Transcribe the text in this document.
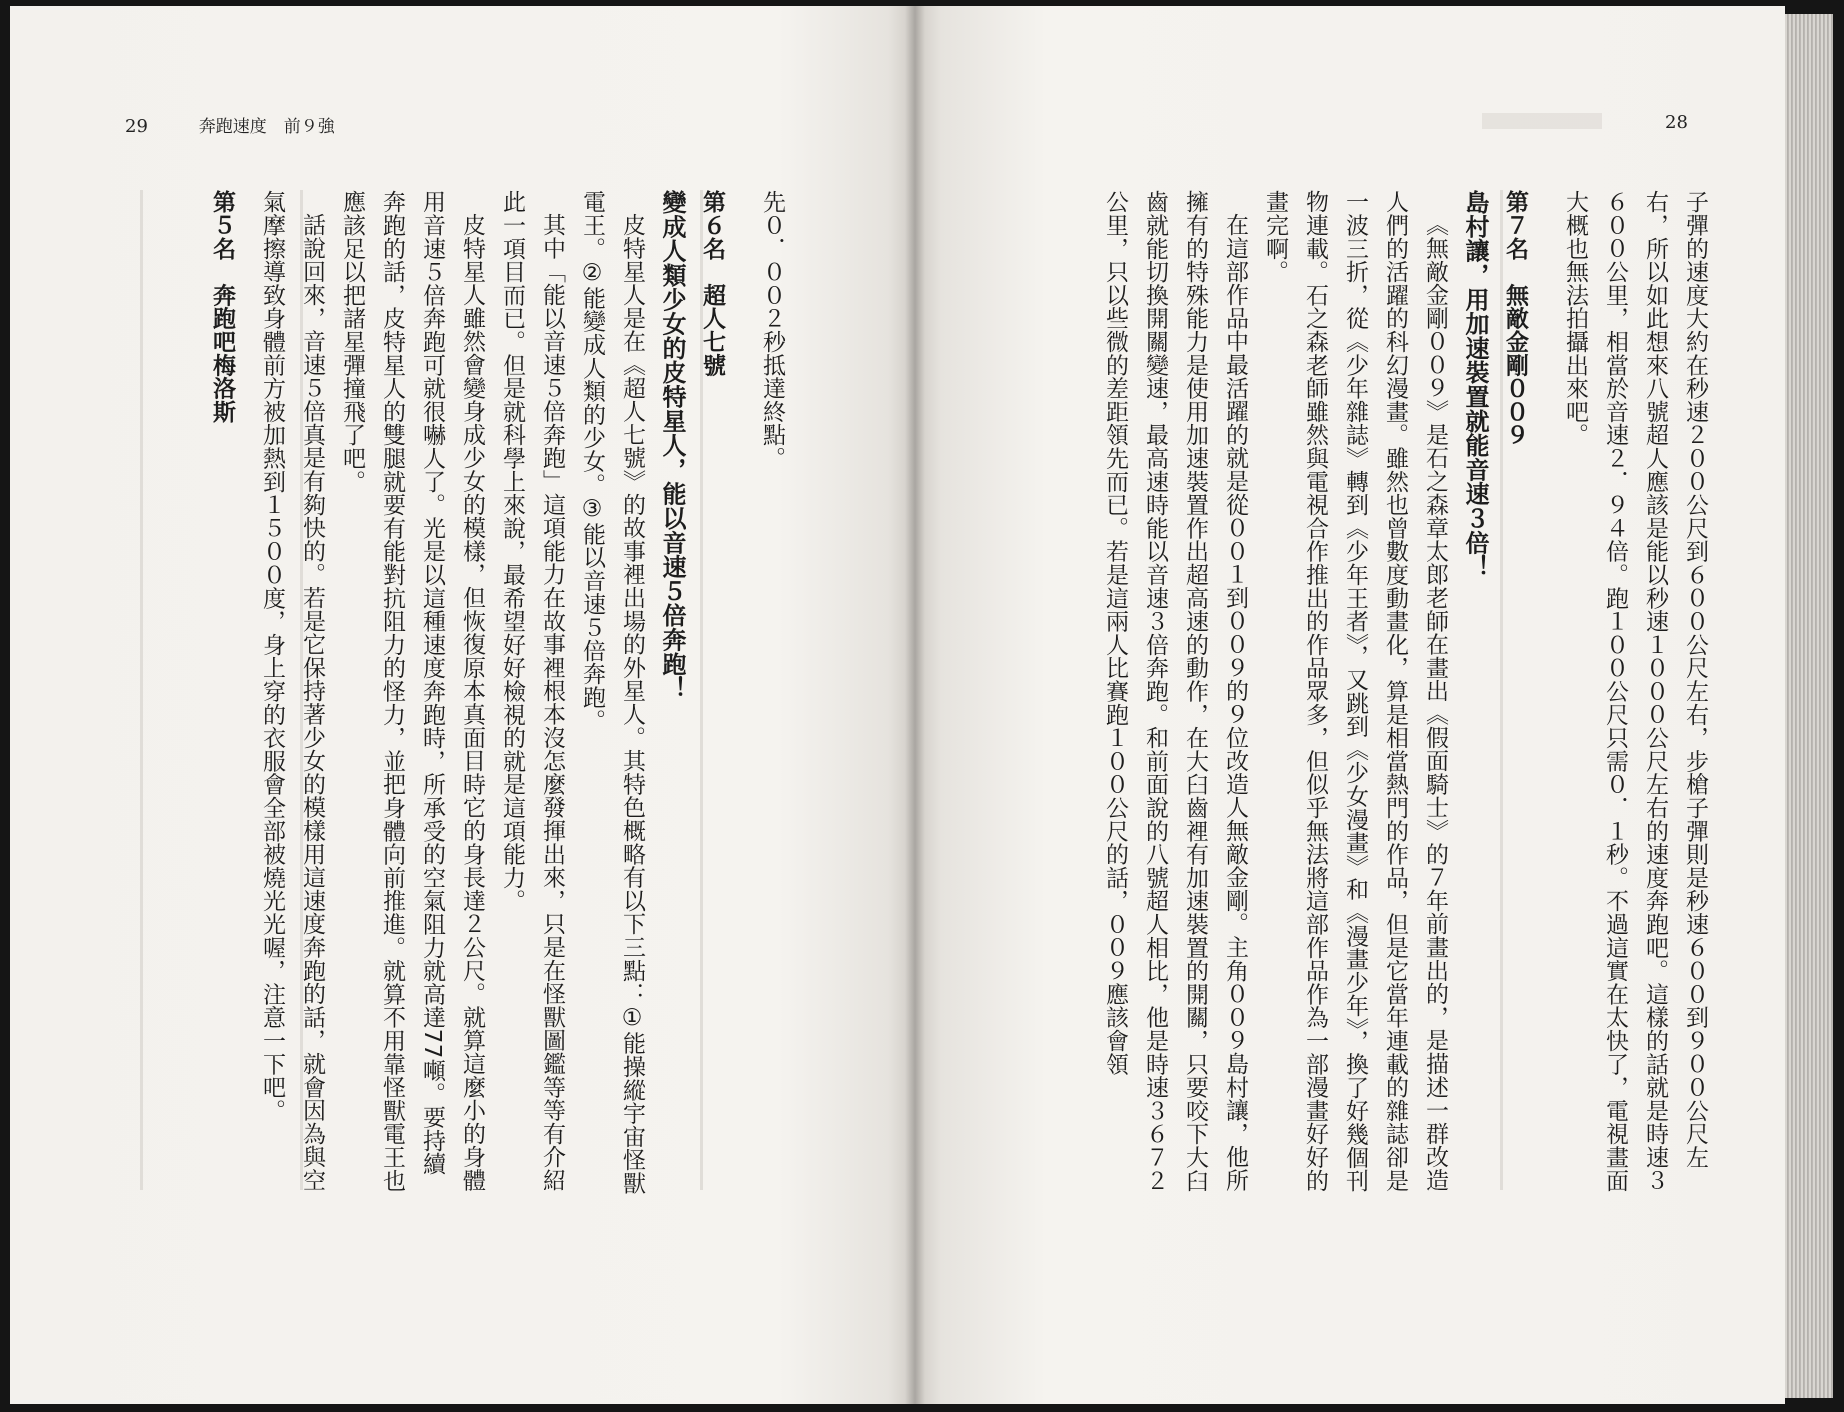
29	奔跑速度　前９強	28

先０．００２秒抵達終點。

第６名　超人七號

變成人類少女的皮特星人，能以音速５倍奔跑！

皮特星人是在《超人七號》的故事裡出場的外星人。其特色概略有以下三點：①能操縱宇宙怪獸電王。②能變成人類的少女。③能以音速５倍奔跑。

其中「能以音速５倍奔跑」這項能力在故事裡根本沒怎麼發揮出來，只是在怪獸圖鑑等等有介紹此一項目而已。但是就科學上來說，最希望好好檢視的就是這項能力。

皮特星人雖然會變身成少女的模樣，但恢復原本真面目時它的身長達２公尺。就算這麼小的身體用音速５倍奔跑可就很嚇人了。光是以這種速度奔跑時，所承受的空氣阻力就高達77噸。要持續奔跑的話，皮特星人的雙腿就要有能對抗阻力的怪力，並把身體向前推進。就算不用靠怪獸電王也應該足以把諸星彈撞飛了吧。

話說回來，音速５倍真是有夠快的。若是它保持著少女的模樣用這速度奔跑的話，就會因為與空氣摩擦導致身體前方被加熱到１５００度，身上穿的衣服會全部被燒光光喔，注意一下吧。

第５名　奔跑吧梅洛斯	子彈的速度大約在秒速２００公尺到６００公尺左右，步槍子彈則是秒速６００到９００公尺左右，所以如此想來八號超人應該是能以秒速１０００公尺左右的速度奔跑吧。這樣的話就是時速３６００公里，相當於音速２．９４倍。跑１００公尺只需０．１秒。不過這實在太快了，電視畫面大概也無法拍攝出來吧。

第７名　無敵金剛００９

島村讓，用加速裝置就能音速３倍！

《無敵金剛００９》是石之森章太郎老師在畫出《假面騎士》的７年前畫出的，是描述一群改造人們的活躍的科幻漫畫。雖然也曾數度動畫化，算是相當熱門的作品，但是它當年連載的雜誌卻是一波三折，從《少年雜誌》轉到《少年王者》，又跳到《少女漫畫》和《漫畫少年》，換了好幾個刊物連載。石之森老師雖然與電視合作推出的作品眾多，但似乎無法將這部作品作為一部漫畫好好的畫完啊。

在這部作品中最活躍的就是從００１到００９的９位改造人無敵金剛。主角００９島村讓，他所擁有的特殊能力是使用加速裝置作出超高速的動作，在大臼齒裡有加速裝置的開關，只要咬下大臼齒就能切換開關變速，最高速時能以音速３倍奔跑。和前面說的八號超人相比，他是時速３６７２公里，只以些微的差距領先而已。若是這兩人比賽跑１００公尺的話，００９應該會領
